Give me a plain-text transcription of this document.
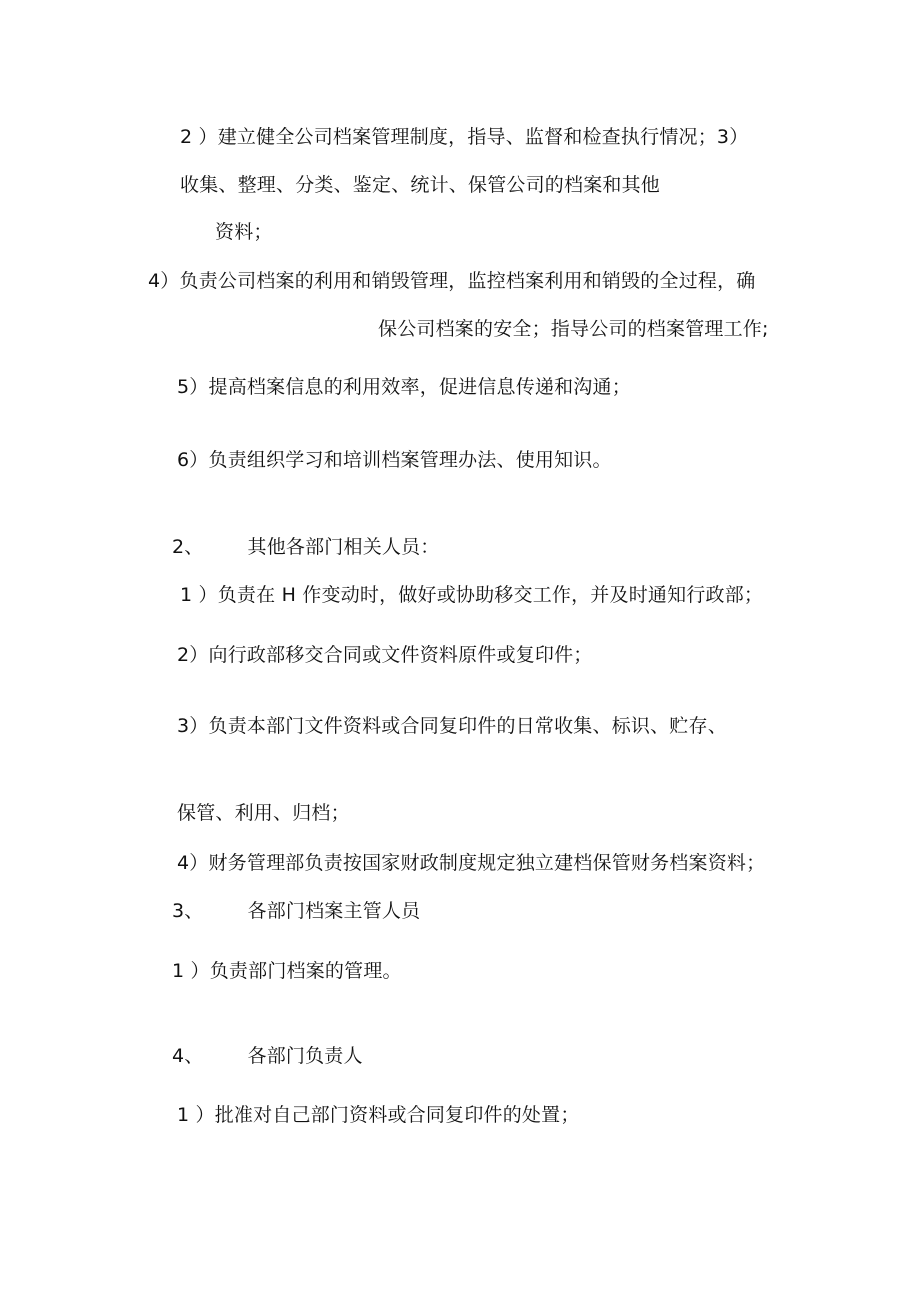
2 ）建立健全公司档案管理制度，指导、监督和检查执行情况；3）
收集、整理、分类、鉴定、统计、保管公司的档案和其他
资料；
4）负责公司档案的利用和销毁管理，监控档案利用和销毁的全过程，确
保公司档案的安全；指导公司的档案管理工作;
5）提高档案信息的利用效率，促进信息传递和沟通；
6）负责组织学习和培训档案管理办法、使用知识。
2、 其他各部门相关人员：
1 ）负责在 H 作变动时，做好或协助移交工作，并及时通知行政部；
2）向行政部移交合同或文件资料原件或复印件；
3）负责本部门文件资料或合同复印件的日常收集、标识、贮存、
保管、利用、归档；
4）财务管理部负责按国家财政制度规定独立建档保管财务档案资料；
3、 各部门档案主管人员
1 ）负责部门档案的管理。
4、 各部门负责人
1 ）批准对自己部门资料或合同复印件的处置；
